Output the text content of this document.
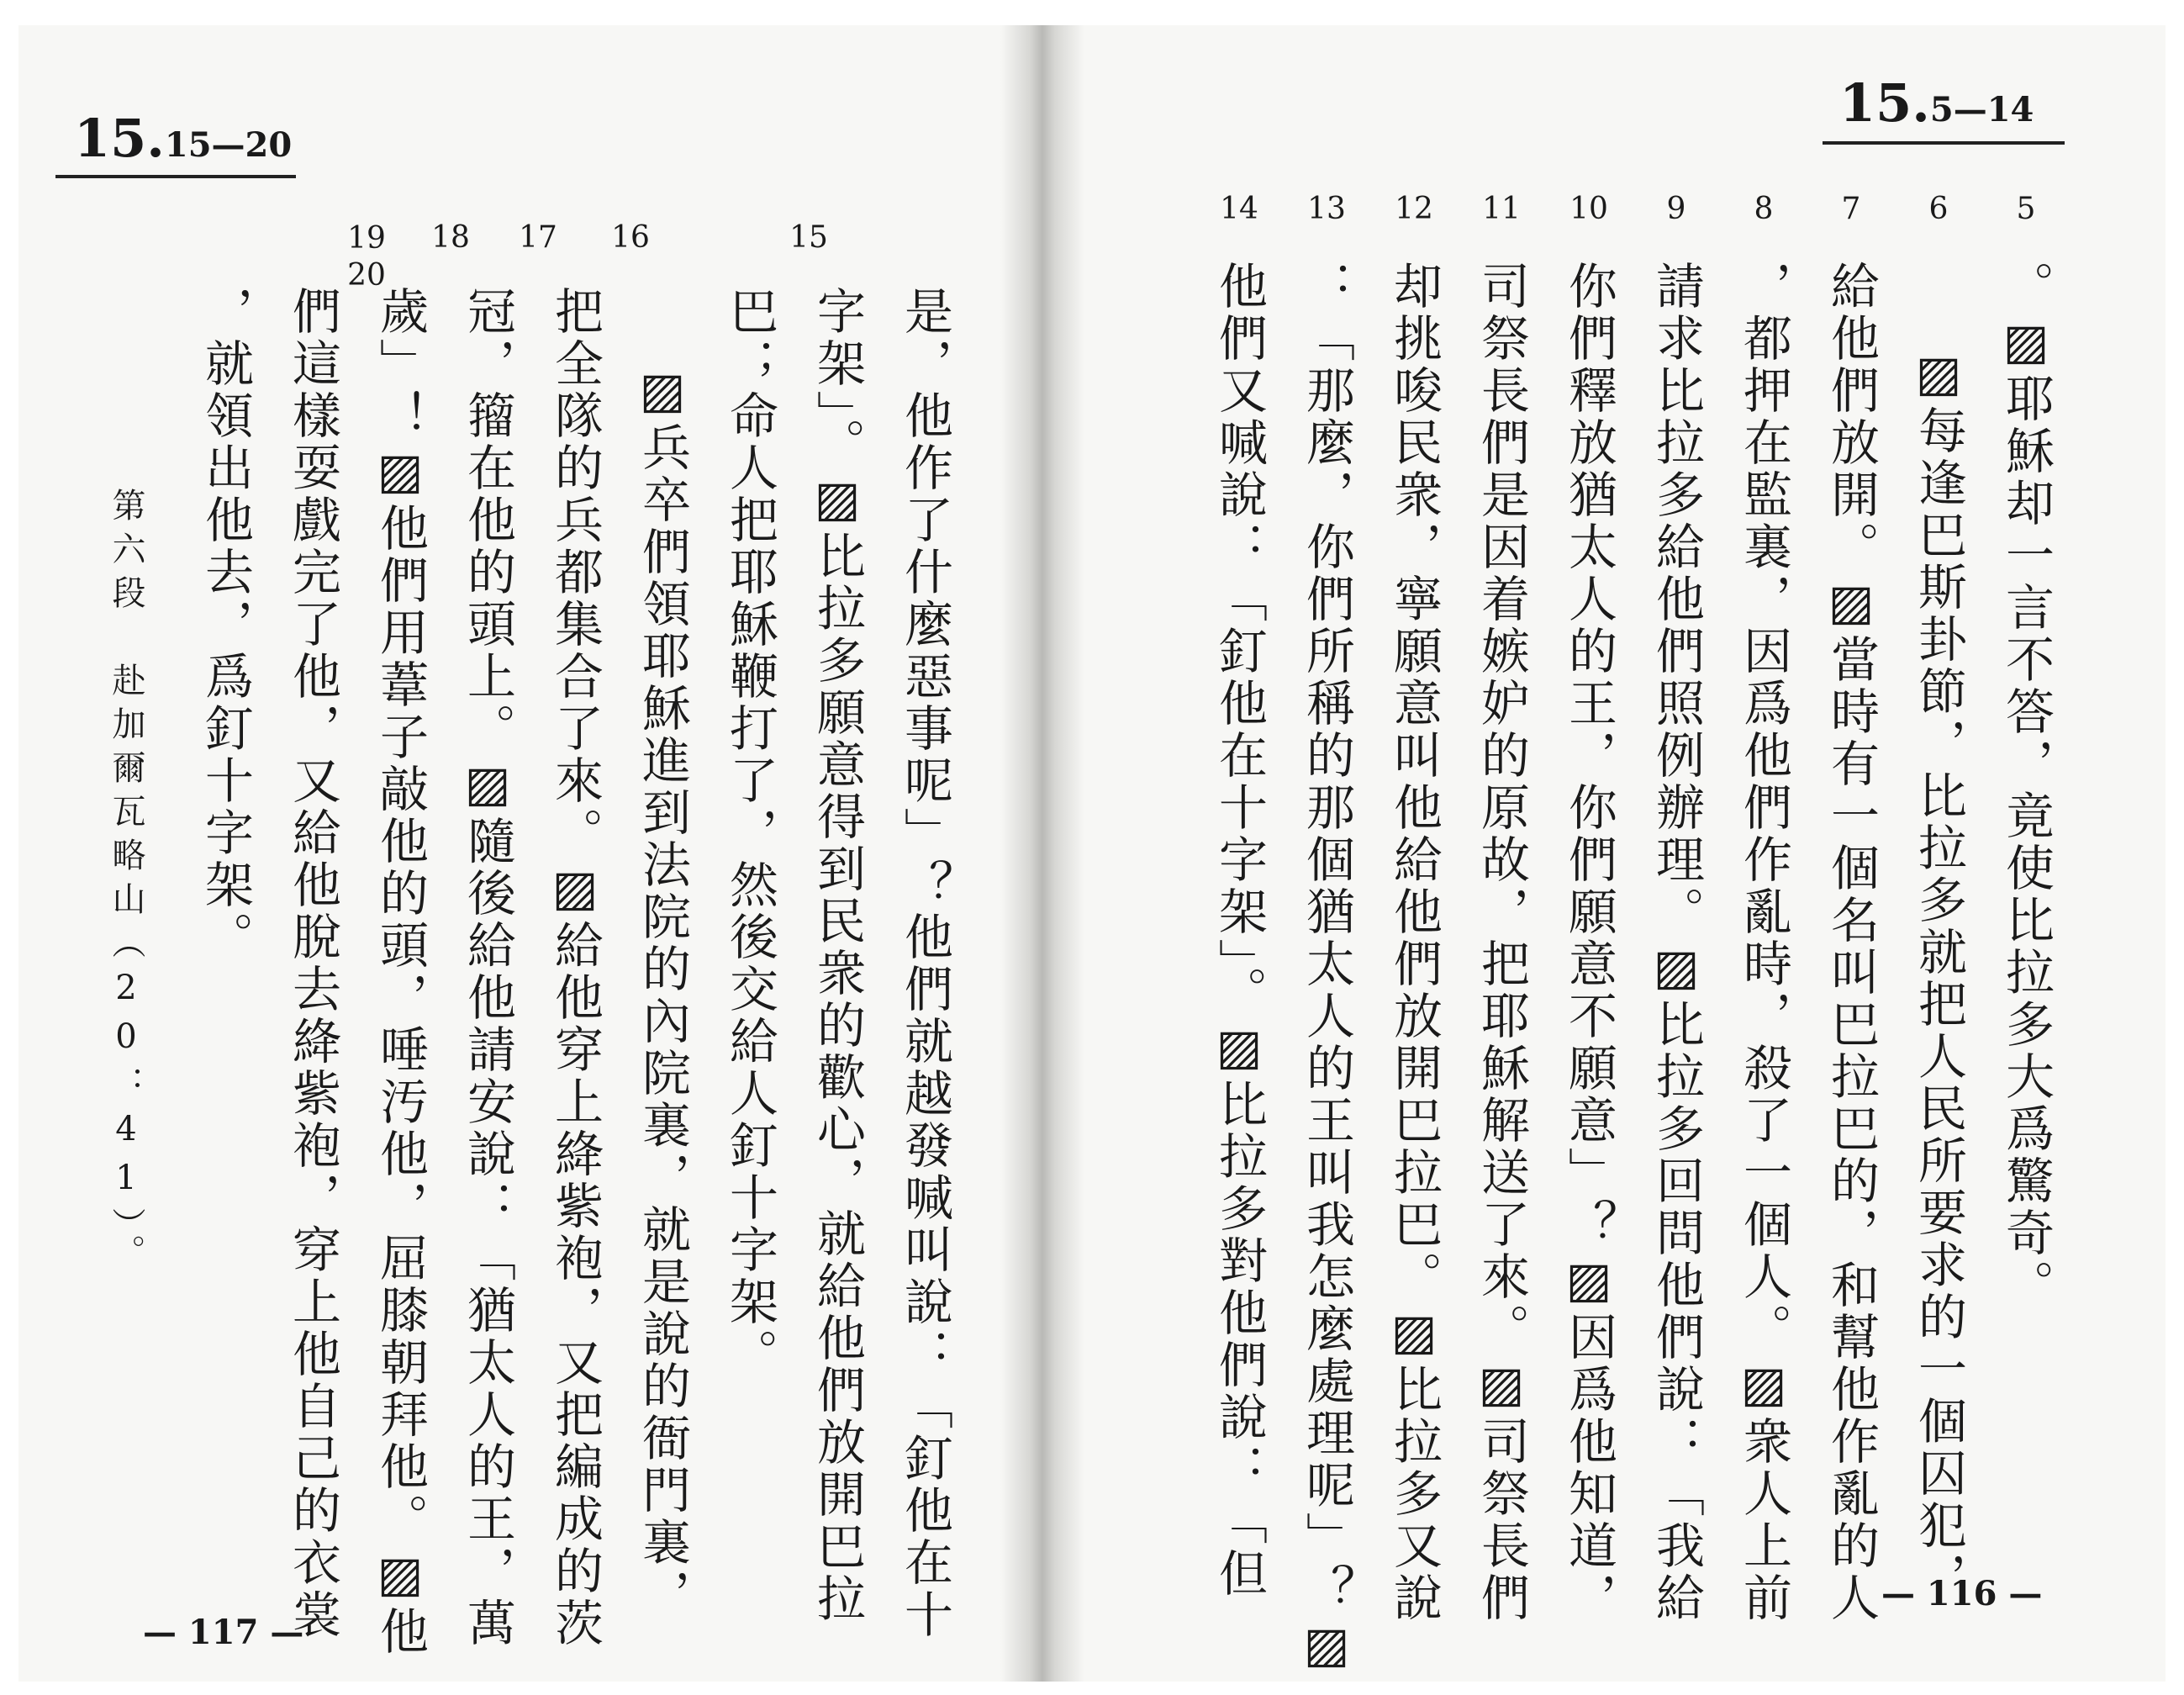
15.15—20
— 117 —
19
20
18	17	16	15
是，他作了什麼惡事呢」？他們就越發喊叫說：「釘他在十
字架」。▨比拉多願意得到民衆的歡心，就給他們放開巴拉
巴；命人把耶穌鞭打了，然後交給人釘十字架。
▨兵卒們領耶穌進到法院的內院裏，就是說的衙門裏，
把全隊的兵都集合了來。▨給他穿上絳紫袍，又把編成的茨
冠，籀在他的頭上。▨隨後給他請安說：「猶太人的王，萬
歲」！▨他們用葦子敲他的頭，唾汚他，屈膝朝拜他。▨他
們這樣耍戲完了他，又給他脫去絳紫袍，穿上他自己的衣裳
，就領出他去，爲釘十字架。
第六段　赴加爾瓦略山（20：41）。
15.5—14
— 116 —
14	13	12	11	10	9	8	7	6	5
。▨耶穌却一言不答，竟使比拉多大爲驚奇。
▨每逢巴斯卦節，比拉多就把人民所要求的一個囚犯，
給他們放開。▨當時有一個名叫巴拉巴的，和幫他作亂的人
，都押在監裏，因爲他們作亂時，殺了一個人。▨衆人上前
請求比拉多給他們照例辦理。▨比拉多回問他們說：「我給
你們釋放猶太人的王，你們願意不願意」？▨因爲他知道，
司祭長們是因着嫉妒的原故，把耶穌解送了來。▨司祭長們
却挑唆民衆，寧願意叫他給他們放開巴拉巴。▨比拉多又說
：「那麼，你們所稱的那個猶太人的王叫我怎麼處理呢」？▨
他們又喊說：「釘他在十字架」。▨比拉多對他們說：「但
